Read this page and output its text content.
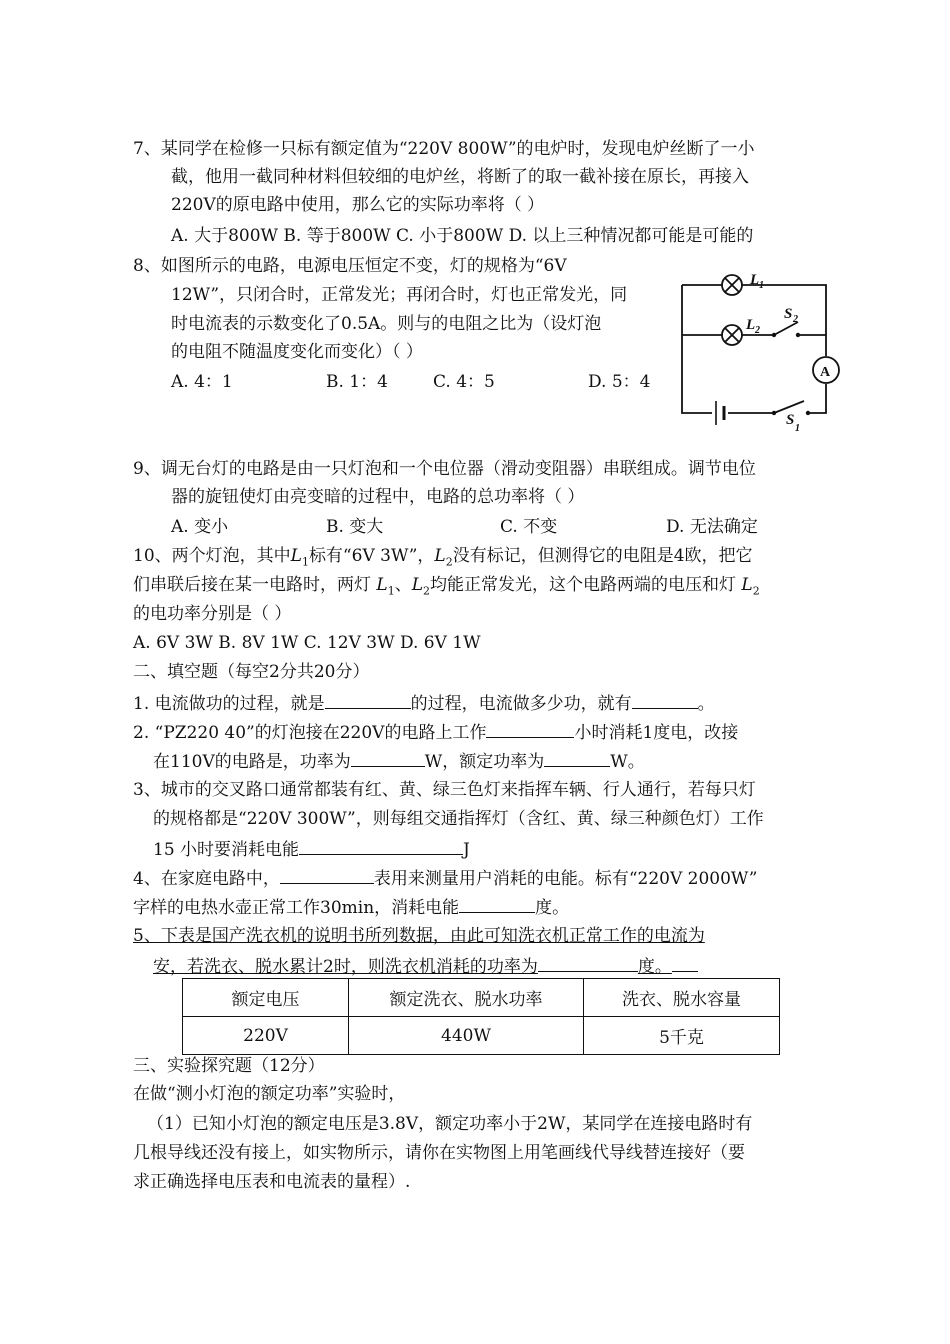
7、某同学在检修一只标有额定值为“220V 800W”的电炉时，发现电炉丝断了一小
截，他用一截同种材料但较细的电炉丝，将断了的取一截补接在原长，再接入
220V的原电路中使用，那么它的实际功率将（ ）
A. 大于800W B. 等于800W C. 小于800W D. 以上三种情况都可能是可能的
8、如图所示的电路，电源电压恒定不变，灯的规格为“6V
12W”，只闭合时，正常发光；再闭合时，灯也正常发光，同
时电流表的示数变化了0.5A。则与的电阻之比为（设灯泡
的电阻不随温度变化而变化）（ ）
A. 4：1	B. 1：4	C. 4：5	D. 5：4
L 1
L 2
S 2
S
1
A
9、调无台灯的电路是由一只灯泡和一个电位器（滑动变阻器）串联组成。调节电位
器的旋钮使灯由亮变暗的过程中，电路的总功率将（ ）
A. 变小	B. 变大	C. 不变	D. 无法确定
10、两个灯泡，其中$L_1$标有“6V 3W”，$L_2$没有标记，但测得它的电阻是4欧，把它
们串联后接在某一电路时，两灯 $L_1$、$L_2$均能正常发光，这个电路两端的电压和灯 $L_2$
的电功率分别是（ ）
A. 6V 3W B. 8V 1W C. 12V 3W D. 6V 1W
二、填空题（每空2分共20分）
1. 电流做功的过程，就是	的过程，电流做多少功，就有	。
2. “PZ220 40”的灯泡接在220V的电路上工作	小时消耗1度电，改接
在110V的电路是，功率为	W，额定功率为	W。
3、城市的交叉路口通常都装有红、黄、绿三色灯来指挥车辆、行人通行，若每只灯
的规格都是“220V 300W”，则每组交通指挥灯（含红、黄、绿三种颜色灯）工作
15 小时要消耗电能	J
4、在家庭电路中，	表用来测量用户消耗的电能。标有“220V 2000W”
字样的电热水壶正常工作30min，消耗电能	度。
5、下表是国产洗衣机的说明书所列数据，由此可知洗衣机正常工作的电流为
安，若洗衣、脱水累计2时，则洗衣机消耗的功率为	度。
额定电压	额定洗衣、脱水功率	洗衣、脱水容量
220V	440W	5千克
三、实验探究题（12分）
在做“测小灯泡的额定功率”实验时，
（1）已知小灯泡的额定电压是3.8V，额定功率小于2W，某同学在连接电路时有
几根导线还没有接上，如实物所示，请你在实物图上用笔画线代导线替连接好（要
求正确选择电压表和电流表的量程）.
